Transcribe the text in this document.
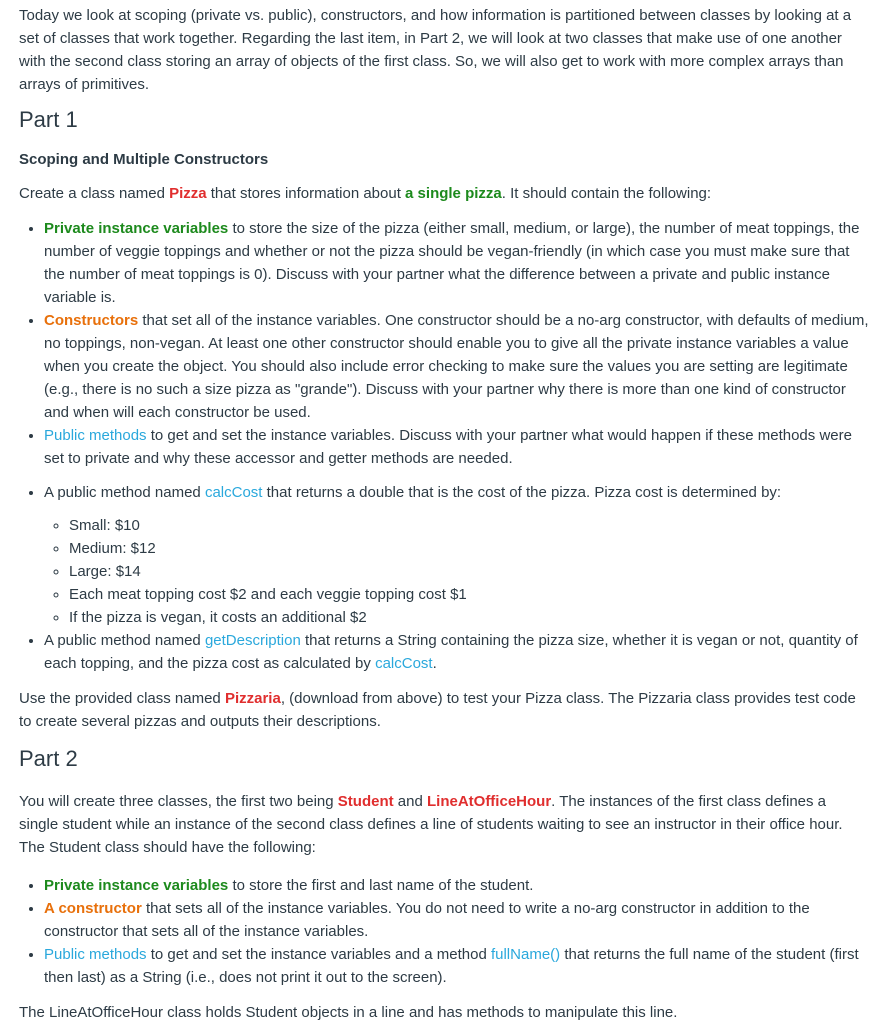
Today we look at scoping (private vs. public), constructors, and how information is partitioned between classes by looking at a set of classes that work together. Regarding the last item, in Part 2, we will look at two classes that make use of one another with the second class storing an array of objects of the first class. So, we will also get to work with more complex arrays than arrays of primitives.

Part 1

Scoping and Multiple Constructors

Create a class named Pizza that stores information about a single pizza. It should contain the following:

• Private instance variables to store the size of the pizza (either small, medium, or large), the number of meat toppings, the number of veggie toppings and whether or not the pizza should be vegan-friendly (in which case you must make sure that the number of meat toppings is 0). Discuss with your partner what the difference between a private and public instance variable is.
• Constructors that set all of the instance variables. One constructor should be a no-arg constructor, with defaults of medium, no toppings, non-vegan. At least one other constructor should enable you to give all the private instance variables a value when you create the object. You should also include error checking to make sure the values you are setting are legitimate (e.g., there is no such a size pizza as "grande"). Discuss with your partner why there is more than one kind of constructor and when will each constructor be used.
• Public methods to get and set the instance variables. Discuss with your partner what would happen if these methods were set to private and why these accessor and getter methods are needed.
• A public method named calcCost that returns a double that is the cost of the pizza. Pizza cost is determined by:
◦ Small: $10
◦ Medium: $12
◦ Large: $14
◦ Each meat topping cost $2 and each veggie topping cost $1
◦ If the pizza is vegan, it costs an additional $2
• A public method named getDescription that returns a String containing the pizza size, whether it is vegan or not, quantity of each topping, and the pizza cost as calculated by calcCost.

Use the provided class named Pizzaria, (download from above) to test your Pizza class. The Pizzaria class provides test code to create several pizzas and outputs their descriptions.

Part 2

You will create three classes, the first two being Student and LineAtOfficeHour. The instances of the first class defines a single student while an instance of the second class defines a line of students waiting to see an instructor in their office hour. The Student class should have the following:

• Private instance variables to store the first and last name of the student.
• A constructor that sets all of the instance variables. You do not need to write a no-arg constructor in addition to the constructor that sets all of the instance variables.
• Public methods to get and set the instance variables and a method fullName() that returns the full name of the student (first then last) as a String (i.e., does not print it out to the screen).

The LineAtOfficeHour class holds Student objects in a line and has methods to manipulate this line.
